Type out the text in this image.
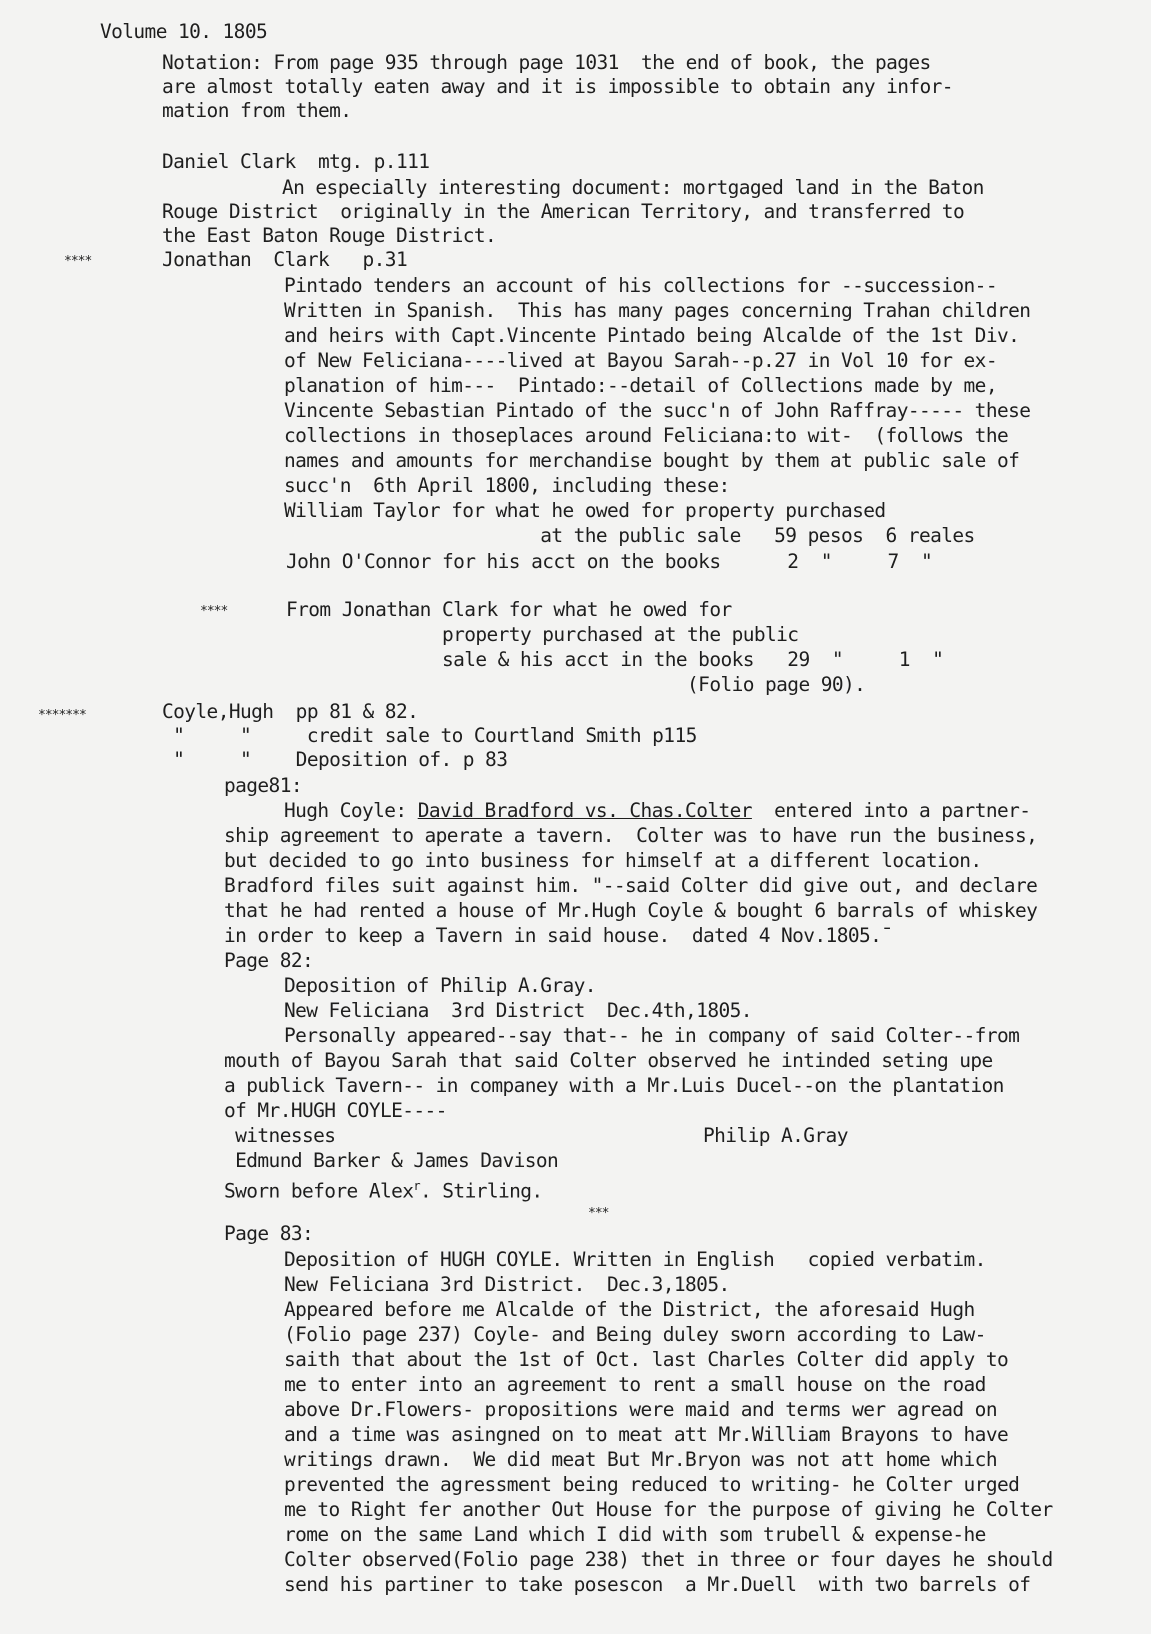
Volume 10. 1805
Notation: From page 935 through page 1031  the end of book, the pages
are almost totally eaten away and it is impossible to obtain any infor-
mation from them.
Daniel Clark  mtg. p.111
An especially interesting document: mortgaged land in the Baton
Rouge District  originally in the American Territory, and transferred to
the East Baton Rouge District.
****	Jonathan  Clark   p.31
Pintado tenders an account of his collections for --succession--
Written in Spanish.  This has many pages concerning Trahan children
and heirs with Capt.Vincente Pintado being Alcalde of the 1st Div.
of New Feliciana----lived at Bayou Sarah--p.27 in Vol 10 for ex-
planation of him---  Pintado:--detail of Collections made by me,
Vincente Sebastian Pintado of the succ'n of John Raffray----- these
collections in thoseplaces around Feliciana:to wit-  (follows the
names and amounts for merchandise bought by them at public sale of
succ'n  6th April 1800, including these:
William Taylor for what he owed for property purchased
at the public sale   59 pesos  6 reales
John O'Connor for his acct on the books      2  "     7  "
****	From Jonathan Clark for what he owed for
property purchased at the public
sale & his acct in the books   29  "     1  "
(Folio page 90).
*******	Coyle,Hugh  pp 81 & 82.
"     "     credit sale to Courtland Smith p115
"     "    Deposition of. p 83
page81:
Hugh Coyle: David Bradford vs. Chas.Colter  entered into a partner-
ship agreement to aperate a tavern.  Colter was to have run the business,
but decided to go into business for himself at a different location.
Bradford files suit against him. "--said Colter did give out, and declare
that he had rented a house of Mr.Hugh Coyle & bought 6 barrals of whiskey
in order to keep a Tavern in said house.  dated 4 Nov.1805.¯
Page 82:
Deposition of Philip A.Gray.
New Feliciana  3rd District  Dec.4th,1805.
Personally appeared--say that-- he in company of said Colter--from
mouth of Bayou Sarah that said Colter observed he intinded seting upe
a publick Tavern-- in companey with a Mr.Luis Ducel--on the plantation
of Mr.HUGH COYLE----
witnesses                                 Philip A.Gray
Edmund Barker & James Davison
Sworn before Alex$^r$. Stirling.
***
Page 83:
Deposition of HUGH COYLE. Written in English   copied verbatim.
New Feliciana 3rd District.  Dec.3,1805.
Appeared before me Alcalde of the District, the aforesaid Hugh
(Folio page 237) Coyle- and Being duley sworn according to Law-
saith that about the 1st of Oct. last Charles Colter did apply to
me to enter into an agreement to rent a small house on the road
above Dr.Flowers- propositions were maid and terms wer agread on
and a time was asingned on to meat att Mr.William Brayons to have
writings drawn.  We did meat But Mr.Bryon was not att home which
prevented the agressment being reduced to writing- he Colter urged
me to Right fer another Out House for the purpose of giving he Colter
rome on the same Land which I did with som trubell & expense-he
Colter observed(Folio page 238) thet in three or four dayes he should
send his partiner to take posescon  a Mr.Duell  with two barrels of
